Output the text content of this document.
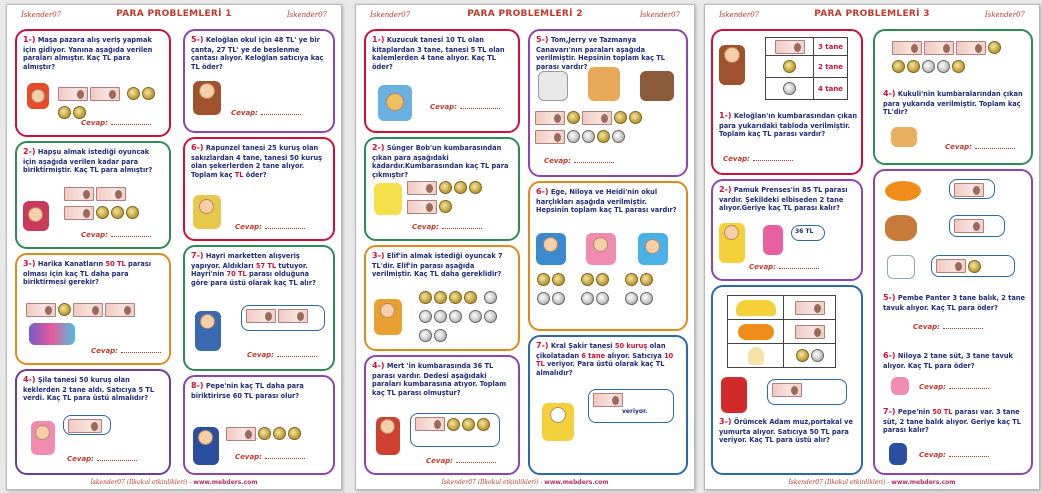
İskender07	PARA PROBLEMLERİ 1	İskender07
1-) Maşa pazara alış veriş yapmak için gidiyor. Yanına aşağıda verilen paraları almıştır. Kaç TL para almıştır?

Cevap:
2-) Hapşu almak istediği oyuncak için aşağıda verilen kadar para biriktirmiştir. Kaç TL para almıştır?

Cevap:
3-) Harika Kanatların 50 TL parası olması için kaç TL daha para biriktirmesi gerekir?
Cevap:
4-) Şila tanesi 50 kuruş olan keklerden 2 tane aldı. Satıcıya 5 TL verdi. Kaç TL para üstü almalıdır?
Cevap:
5-) Keloğlan okul için 48 TL' ye bir çanta, 27 TL' ye de beslenme çantası alıyor. Keloğlan satıcıya kaç TL öder?
Cevap:
6-) Rapunzel tanesi 25 kuruş olan sakızlardan 4 tane, tanesi 50 kuruş olan şekerlerden 2 tane alıyor. Toplam kaç TL öder?
Cevap:
7-) Hayri marketten alışveriş yapıyor. Aldıkları 57 TL tutuyor. Hayri'nin 70 TL parası olduğuna göre para üstü olarak kaç TL alır?
Cevap:
8-) Pepe'nin kaç TL daha para biriktirirse 60 TL parası olur?
Cevap:
İskender07 (İlkokul etkinlikleri) - www.mebders.com
İskender07	PARA PROBLEMLERİ 2	İskender07
1-) Kuzucuk tanesi 10 TL olan kitaplardan 3 tane, tanesi 5 TL olan kalemlerden 4 tane alıyor. Kaç TL öder?
Cevap:
2-) Sünger Bob'un kumbarasından çıkan para aşağıdaki kadardır.Kumbarasından kaç TL para çıkmıştır?

Cevap:
3-) Elif'in almak istediği oyuncak 7 TL'dir. Elif'in parası aşağıda verilmiştir. Kaç TL daha gereklidir?

4-) Mert 'in kumbarasında 36 TL parası vardır. Dedesi aşağıdaki paraları kumbarasına atıyor. Toplam kaç TL parası olmuştur?
Cevap:
5-) Tom,Jerry ve Tazmanya Canavarı'nın paraları aşağıda verilmiştir. Hepsinin toplam kaç TL parası vardır?

Cevap:
6-) Ege, Niloya ve Heidi'nin okul harçlıkları aşağıda verilmiştir. Hepsinin toplam kaç TL parası vardır?

7-) Kral Şakir tanesi 50 kuruş olan çikolatadan 6 tane alıyor. Satıcıya 10 TL veriyor. Para üstü olarak kaç TL almalıdır?

veriyor.
İskender07 (İlkokul etkinlikleri) - www.mebders.com
İskender07	PARA PROBLEMLERİ 3	İskender07
	3 tane
	2 tane
	4 tane
1-) Keloğlan'ın kumbarasından çıkan para yukarıdaki tabloda verilmiştir. Toplam kaç TL parası vardır?
Cevap:
2-) Pamuk Prenses'in 85 TL parası vardır. Şekildeki elbiseden 2 tane alıyor.Geriye kaç TL parası kalır?
36 TL
Cevap:

3-) Örümcek Adam muz,portakal ve yumurta alıyor. Satıcıya 50 TL para veriyor. Kaç TL para üstü alır?

4-) Kukuli'nin kumbaralarından çıkan para yukarıda verilmiştir. Toplam kaç TL'dir?
Cevap:
5-) Pembe Panter 3 tane balık, 2 tane tavuk alıyor. Kaç TL para öder?
Cevap:
6-) Niloya 2 tane süt, 3 tane tavuk alıyor. Kaç TL para öder?
Cevap:
7-) Pepe'nin 50 TL parası var. 3 tane süt, 2 tane balık alıyor. Geriye kaç TL parası kalır?
Cevap:
İskender07 (İlkokul etkinlikleri) - www.mebders.com
